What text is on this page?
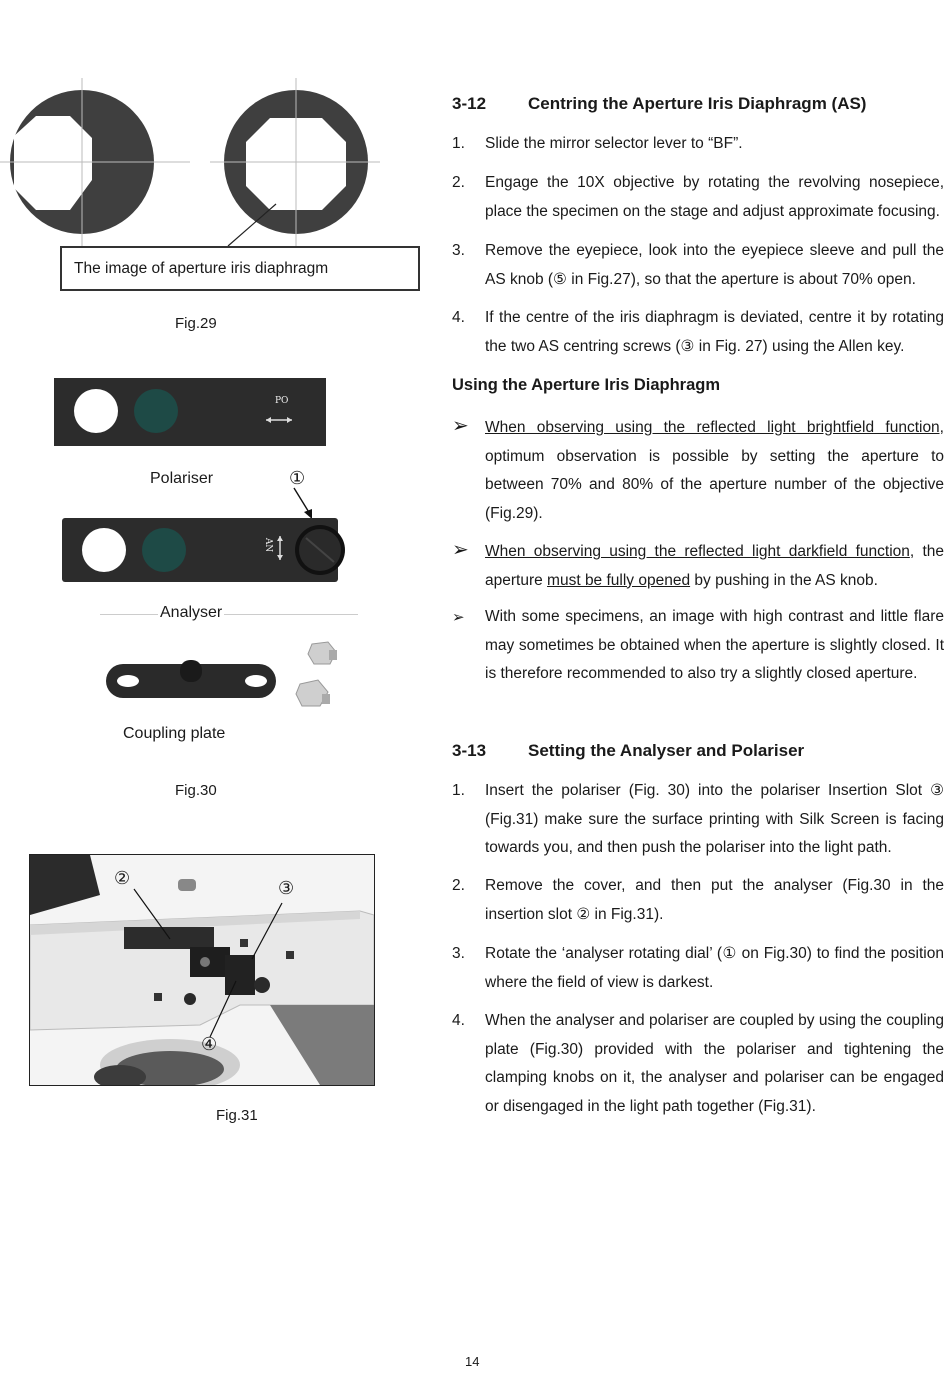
The image of aperture iris diaphragm
Fig.29
PO
Polariser	①
AN
Analyser
Coupling plate
Fig.30
②	③
④
Fig.31
3-12 Centring the Aperture Iris Diaphragm (AS)
1. Slide the mirror selector lever to “BF”.
2. Engage the 10X objective by rotating the revolving nosepiece, place the specimen on the stage and adjust approximate focusing.
3. Remove the eyepiece, look into the eyepiece sleeve and pull the AS knob (⑤ in Fig.27), so that the aperture is about 70% open.
4. If the centre of the iris diaphragm is deviated, centre it by rotating the two AS centring screws (③ in Fig. 27) using the Allen key.
Using the Aperture Iris Diaphragm
➢ When observing using the reflected light brightfield function, optimum observation is possible by setting the aperture to between 70% and 80% of the aperture number of the objective (Fig.29).
➢ When observing using the reflected light darkfield function, the aperture must be fully opened by pushing in the AS knob.
➢ With some specimens, an image with high contrast and little flare may sometimes be obtained when the aperture is slightly closed. It is therefore recommended to also try a slightly closed aperture.
3-13 Setting the Analyser and Polariser
1. Insert the polariser (Fig. 30) into the polariser Insertion Slot ③ (Fig.31) make sure the surface printing with Silk Screen is facing towards you, and then push the polariser into the light path.
2. Remove the cover, and then put the analyser (Fig.30 in the insertion slot ② in Fig.31).
3. Rotate the ‘analyser rotating dial’ (① on Fig.30) to find the position where the field of view is darkest.
4. When the analyser and polariser are coupled by using the coupling plate (Fig.30) provided with the polariser and tightening the clamping knobs on it, the analyser and polariser can be engaged or disengaged in the light path together (Fig.31).
14
